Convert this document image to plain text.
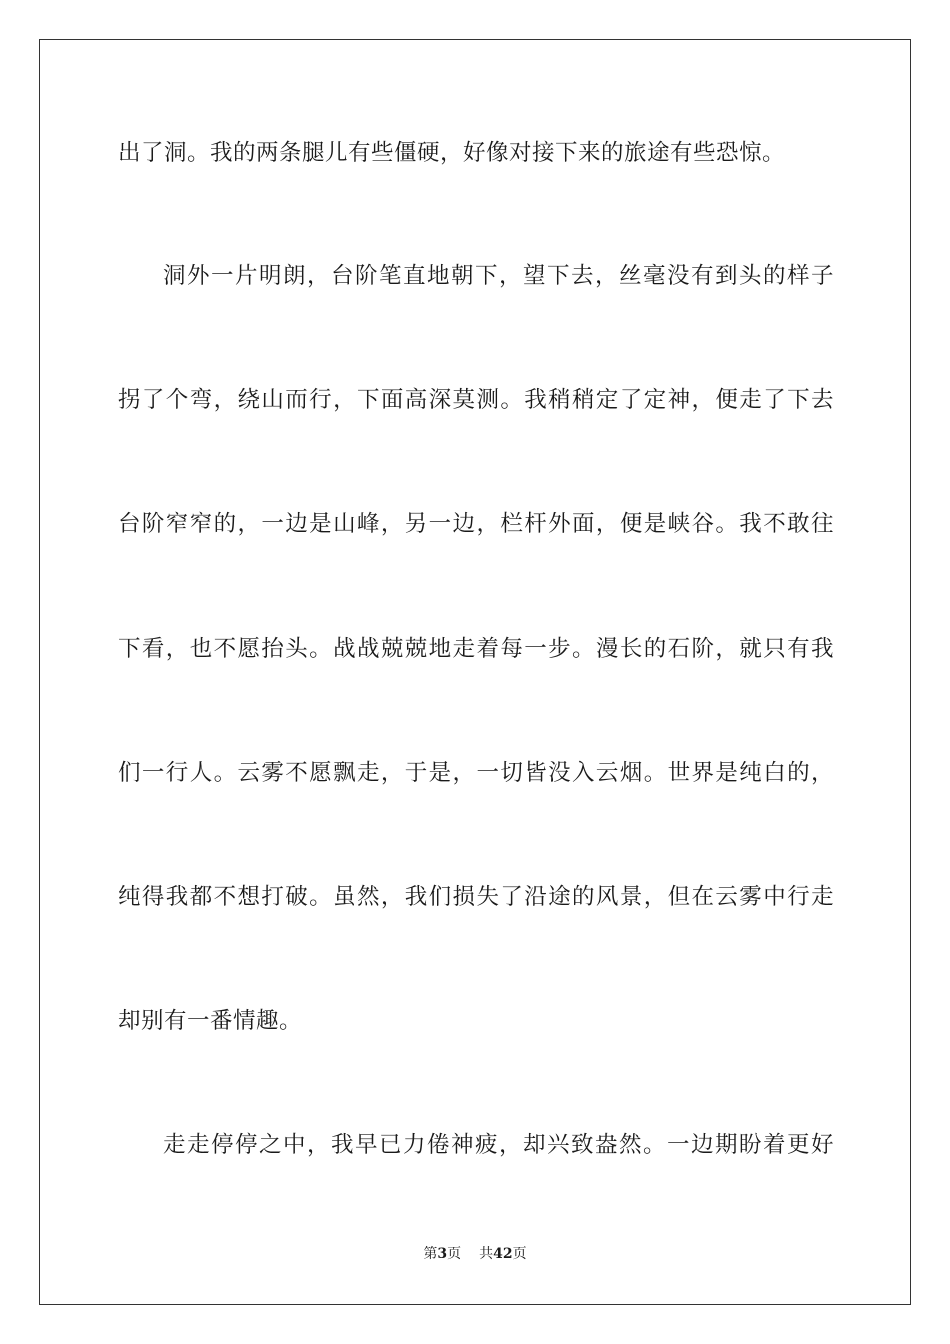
出了洞。我的两条腿儿有些僵硬，好像对接下来的旅途有些恐惊。
洞外一片明朗，台阶笔直地朝下，望下去，丝毫没有到头的样子
拐了个弯，绕山而行，下面高深莫测。我稍稍定了定神，便走了下去
台阶窄窄的，一边是山峰，另一边，栏杆外面，便是峡谷。我不敢往
下看，也不愿抬头。战战兢兢地走着每一步。漫长的石阶，就只有我
们一行人。云雾不愿飘走，于是，一切皆没入云烟。世界是纯白的，
纯得我都不想打破。虽然，我们损失了沿途的风景，但在云雾中行走
却别有一番情趣。
走走停停之中，我早已力倦神疲，却兴致盎然。一边期盼着更好
第3页 共42页
